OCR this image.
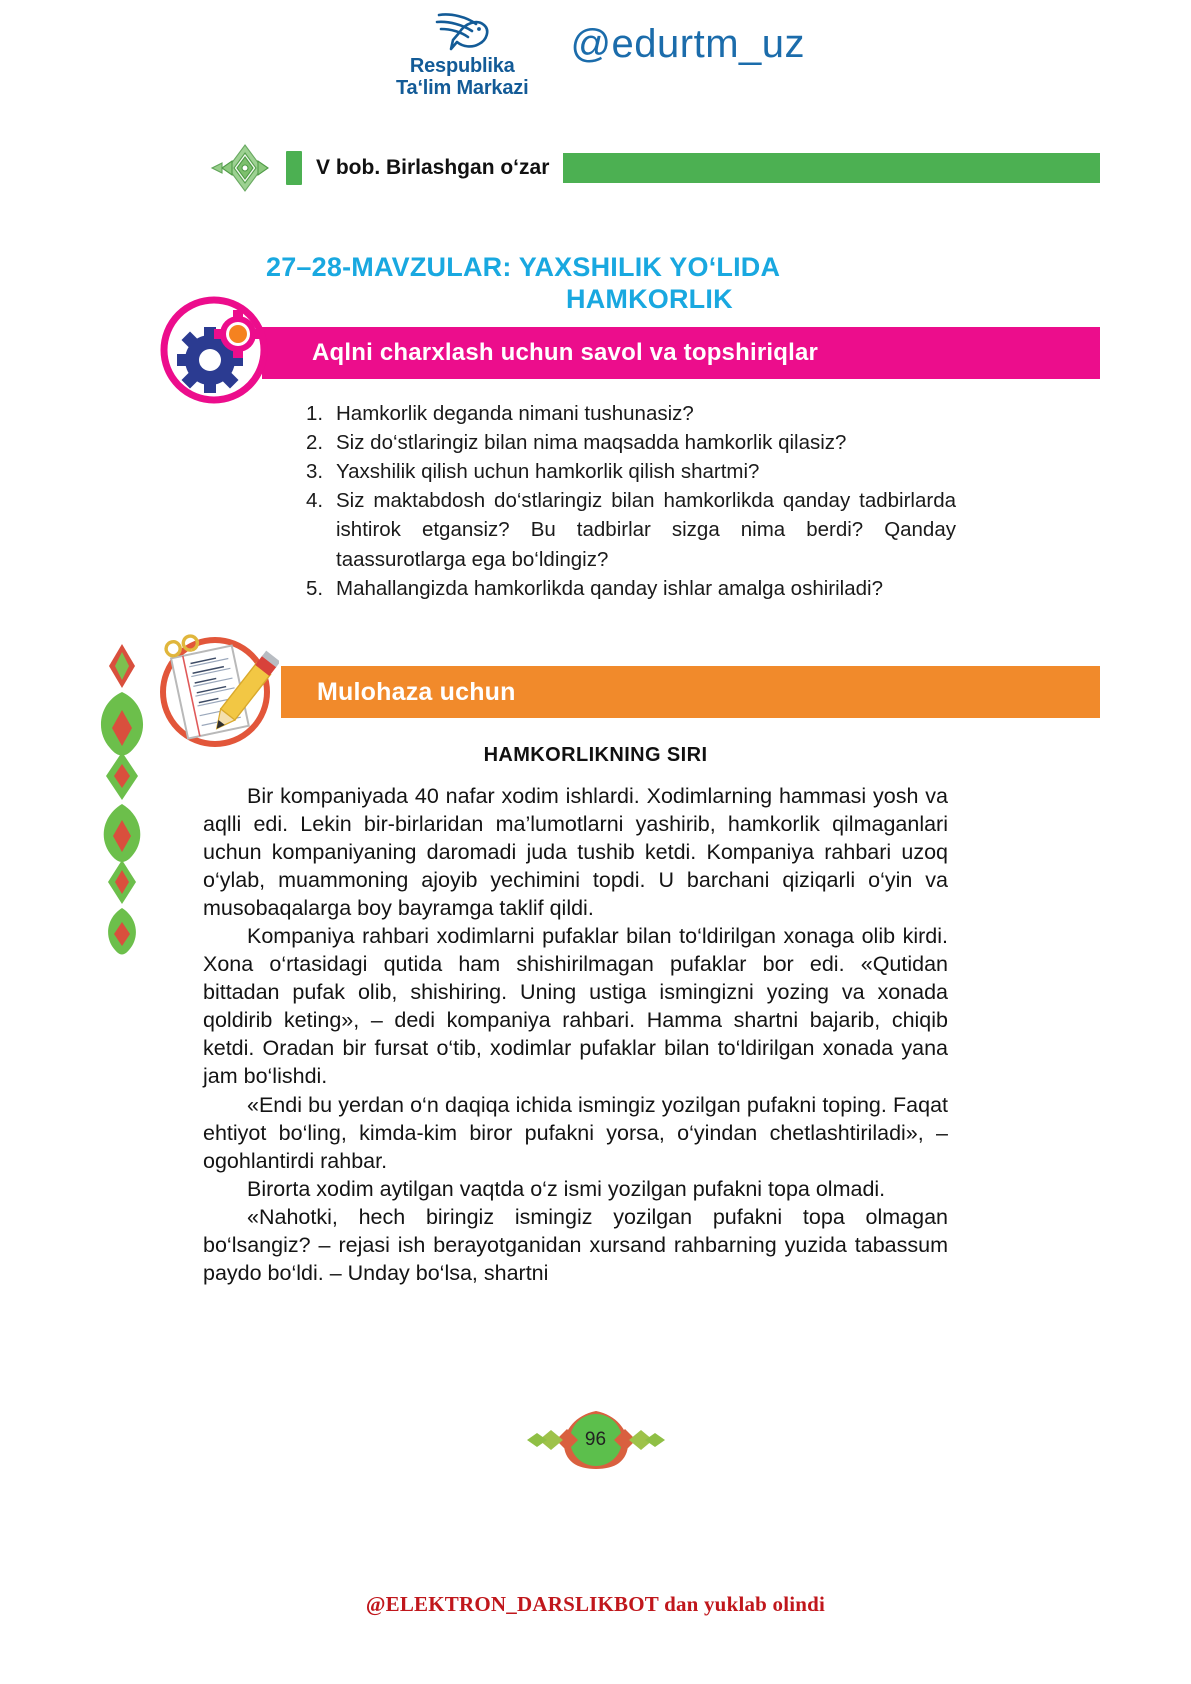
Respublika
Ta‘lim Markazi
@edurtm_uz
V bob. Birlashgan o‘zar
27–28-MAVZULAR: YAXSHILIK YO‘LIDA
HAMKORLIK
Aqlni charxlash uchun savol va topshiriqlar
1. Hamkorlik deganda nimani tushunasiz?
2. Siz do‘stlaringiz bilan nima maqsadda hamkorlik qilasiz?
3. Yaxshilik qilish uchun hamkorlik qilish shartmi?
4. Siz maktabdosh do‘stlaringiz bilan hamkorlikda qanday tadbirlarda ishtirok etgansiz? Bu tadbirlar sizga nima berdi? Qanday taassurotlarga ega bo‘ldingiz?
5. Mahallangizda hamkorlikda qanday ishlar amalga oshiriladi?
Mulohaza uchun
HAMKORLIKNING SIRI

Bir kompaniyada 40 nafar xodim ishlardi. Xodimlarning hammasi yosh va aqlli edi. Lekin bir-birlaridan ma’lumotlarni yashirib, hamkorlik qilmaganlari uchun kompaniyaning daromadi juda tushib ketdi. Kompaniya rahbari uzoq o‘ylab, muammoning ajoyib yechimini topdi. U barchani qiziqarli o‘yin va musobaqalarga boy bayramga taklif qildi.

Kompaniya rahbari xodimlarni pufaklar bilan to‘ldirilgan xonaga olib kirdi. Xona o‘rtasidagi qutida ham shishirilmagan pufaklar bor edi. «Qutidan bittadan pufak olib, shishiring. Uning ustiga ismingizni yozing va xonada qoldirib keting», – dedi kompaniya rahbari. Hamma shartni bajarib, chiqib ketdi. Oradan bir fursat o‘tib, xodimlar pufaklar bilan to‘ldirilgan xonada yana jam bo‘lishdi.

«Endi bu yerdan o‘n daqiqa ichida ismingiz yozilgan pufakni toping. Faqat ehtiyot bo‘ling, kimda-kim biror pufakni yorsa, o‘yindan chetlashtiriladi», – ogohlantirdi rahbar.

Birorta xodim aytilgan vaqtda o‘z ismi yozilgan pufakni topa olmadi.

«Nahotki, hech biringiz ismingiz yozilgan pufakni topa olmagan bo‘lsangiz? – rejasi ish berayotganidan xursand rahbarning yuzida tabassum paydo bo‘ldi. – Unday bo‘lsa, shartni

96
@ELEKTRON_DARSLIKBOT dan yuklab olindi
